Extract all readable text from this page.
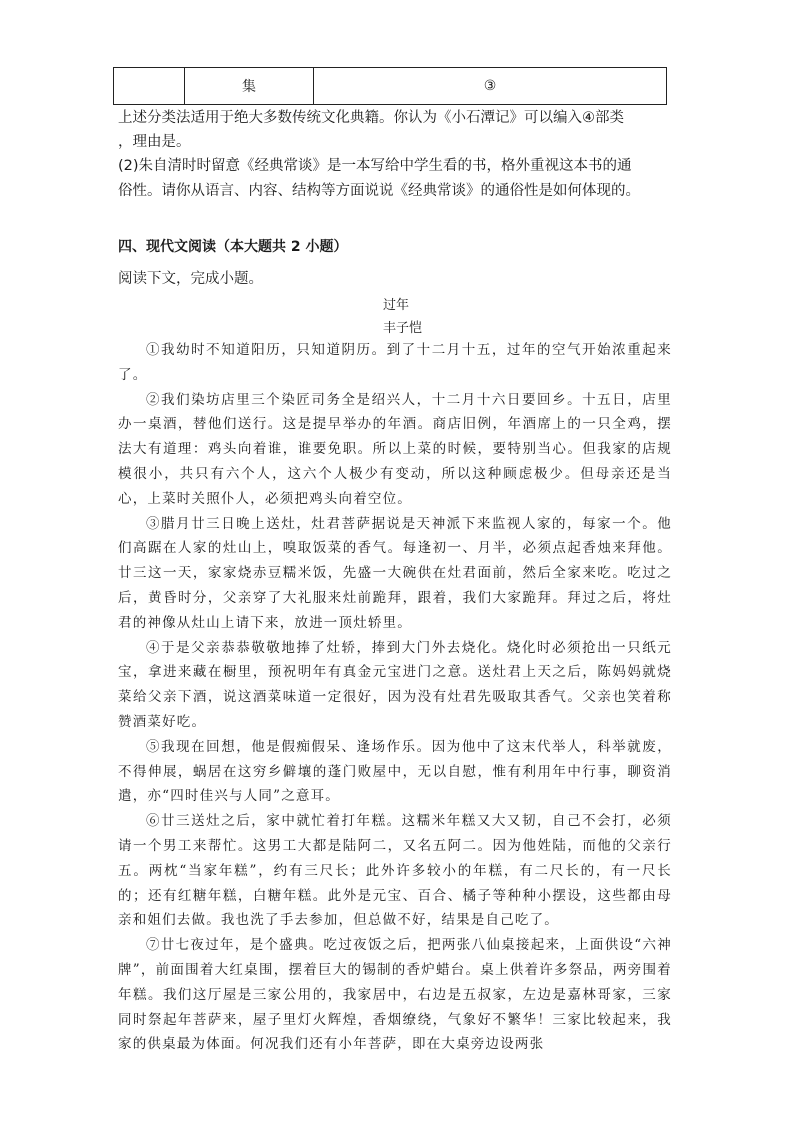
	集	③
上述分类法适用于绝大多数传统文化典籍。你认为《小石潭记》可以编入④部类
，理由是。
(2)朱自清时时留意《经典常谈》是一本写给中学生看的书，格外重视这本书的通
俗性。请你从语言、内容、结构等方面说说《经典常谈》的通俗性是如何体现的。
四、现代文阅读（本大题共 2 小题）
阅读下文，完成小题。
过年
丰子恺

①我幼时不知道阳历，只知道阴历。到了十二月十五，过年的空气开始浓重起来了。

②我们染坊店里三个染匠司务全是绍兴人，十二月十六日要回乡。十五日，店里办一桌酒，替他们送行。这是提早举办的年酒。商店旧例，年酒席上的一只全鸡，摆法大有道理：鸡头向着谁，谁要免职。所以上菜的时候，要特别当心。但我家的店规模很小，共只有六个人，这六个人极少有变动，所以这种顾虑极少。但母亲还是当心，上菜时关照仆人，必须把鸡头向着空位。

③腊月廿三日晚上送灶，灶君菩萨据说是天神派下来监视人家的，每家一个。他们高踞在人家的灶山上，嗅取饭菜的香气。每逢初一、月半，必须点起香烛来拜他。廿三这一天，家家烧赤豆糯米饭，先盛一大碗供在灶君面前，然后全家来吃。吃过之后，黄昏时分，父亲穿了大礼服来灶前跪拜，跟着，我们大家跪拜。拜过之后，将灶君的神像从灶山上请下来，放进一顶灶轿里。

④于是父亲恭恭敬敬地捧了灶轿，捧到大门外去烧化。烧化时必须抢出一只纸元宝，拿进来藏在橱里，预祝明年有真金元宝进门之意。送灶君上天之后，陈妈妈就烧菜给父亲下酒，说这酒菜味道一定很好，因为没有灶君先吸取其香气。父亲也笑着称赞酒菜好吃。

⑤我现在回想，他是假痴假呆、逢场作乐。因为他中了这末代举人，科举就废，不得伸展，蜗居在这穷乡僻壤的蓬门败屋中，无以自慰，惟有利用年中行事，聊资消遣，亦“四时佳兴与人同”之意耳。

⑥廿三送灶之后，家中就忙着打年糕。这糯米年糕又大又韧，自己不会打，必须请一个男工来帮忙。这男工大都是陆阿二，又名五阿二。因为他姓陆，而他的父亲行五。两枕“当家年糕”，约有三尺长；此外许多较小的年糕，有二尺长的，有一尺长的；还有红糖年糕，白糖年糕。此外是元宝、百合、橘子等种种小摆设，这些都由母亲和姐们去做。我也洗了手去参加，但总做不好，结果是自己吃了。

⑦廿七夜过年，是个盛典。吃过夜饭之后，把两张八仙桌接起来，上面供设“六神牌”，前面围着大红桌围，摆着巨大的锡制的香炉蜡台。桌上供着许多祭品，两旁围着年糕。我们这厅屋是三家公用的，我家居中，右边是五叔家，左边是嘉林哥家，三家同时祭起年菩萨来，屋子里灯火辉煌，香烟缭绕，气象好不繁华！三家比较起来，我家的供桌最为体面。何况我们还有小年菩萨，即在大桌旁边设两张
